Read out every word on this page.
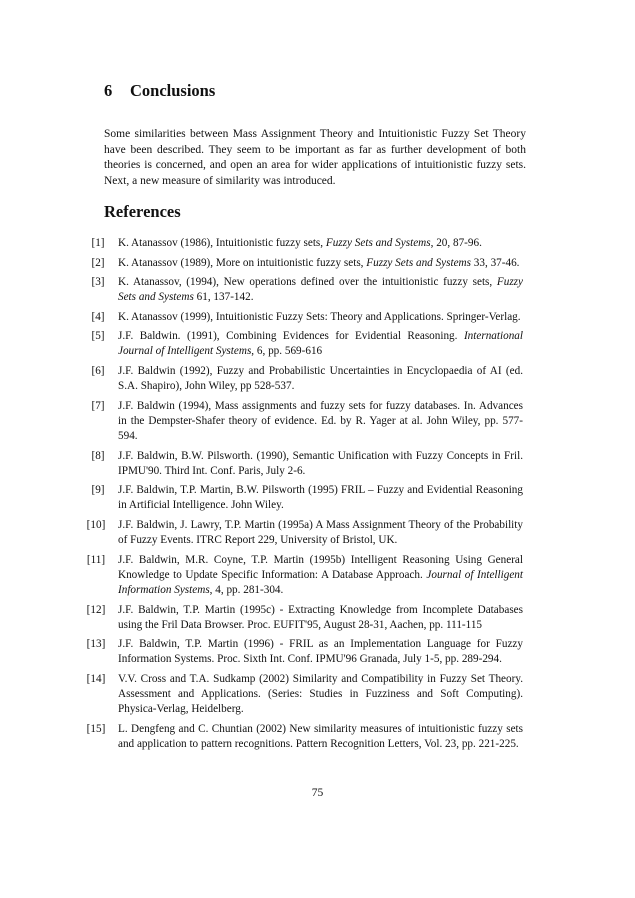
6 Conclusions

Some similarities between Mass Assignment Theory and Intuitionistic Fuzzy Set Theory have been described. They seem to be important as far as further development of both theories is concerned, and open an area for wider applications of intuitionistic fuzzy sets. Next, a new measure of similarity was introduced.

References
[1]	K. Atanassov (1986), Intuitionistic fuzzy sets, Fuzzy Sets and Systems, 20, 87-96.
[2]	K. Atanassov (1989), More on intuitionistic fuzzy sets, Fuzzy Sets and Systems 33, 37-46.
[3]	K. Atanassov, (1994), New operations defined over the intuitionistic fuzzy sets, Fuzzy Sets and Systems 61, 137-142.
[4]	K. Atanassov (1999), Intuitionistic Fuzzy Sets: Theory and Applications. Springer-Verlag.
[5]	J.F. Baldwin. (1991), Combining Evidences for Evidential Reasoning. International Journal of Intelligent Systems, 6, pp. 569-616
[6]	J.F. Baldwin (1992), Fuzzy and Probabilistic Uncertainties in Encyclopaedia of AI (ed. S.A. Shapiro), John Wiley, pp 528-537.
[7]	J.F. Baldwin (1994), Mass assignments and fuzzy sets for fuzzy databases. In. Advances in the Dempster-Shafer theory of evidence. Ed. by R. Yager at al. John Wiley, pp. 577-594.
[8]	J.F. Baldwin, B.W. Pilsworth. (1990), Semantic Unification with Fuzzy Concepts in Fril. IPMU'90. Third Int. Conf. Paris, July 2-6.
[9]	J.F. Baldwin, T.P. Martin, B.W. Pilsworth (1995) FRIL – Fuzzy and Evidential Reasoning in Artificial Intelligence. John Wiley.
[10]	J.F. Baldwin, J. Lawry, T.P. Martin (1995a) A Mass Assignment Theory of the Probability of Fuzzy Events. ITRC Report 229, University of Bristol, UK.
[11]	J.F. Baldwin, M.R. Coyne, T.P. Martin (1995b) Intelligent Reasoning Using General Knowledge to Update Specific Information: A Database Approach. Journal of Intelligent Information Systems, 4, pp. 281-304.
[12]	J.F. Baldwin, T.P. Martin (1995c) - Extracting Knowledge from Incomplete Databases using the Fril Data Browser. Proc. EUFIT'95, August 28-31, Aachen, pp. 111-115
[13]	J.F. Baldwin, T.P. Martin (1996) - FRIL as an Implementation Language for Fuzzy Information Systems. Proc. Sixth Int. Conf. IPMU'96 Granada, July 1-5, pp. 289-294.
[14]	V.V. Cross and T.A. Sudkamp (2002) Similarity and Compatibility in Fuzzy Set Theory. Assessment and Applications. (Series: Studies in Fuzziness and Soft Computing). Physica-Verlag, Heidelberg.
[15]	L. Dengfeng and C. Chuntian (2002) New similarity measures of intuitionistic fuzzy sets and application to pattern recognitions. Pattern Recognition Letters, Vol. 23, pp. 221-225.

75
